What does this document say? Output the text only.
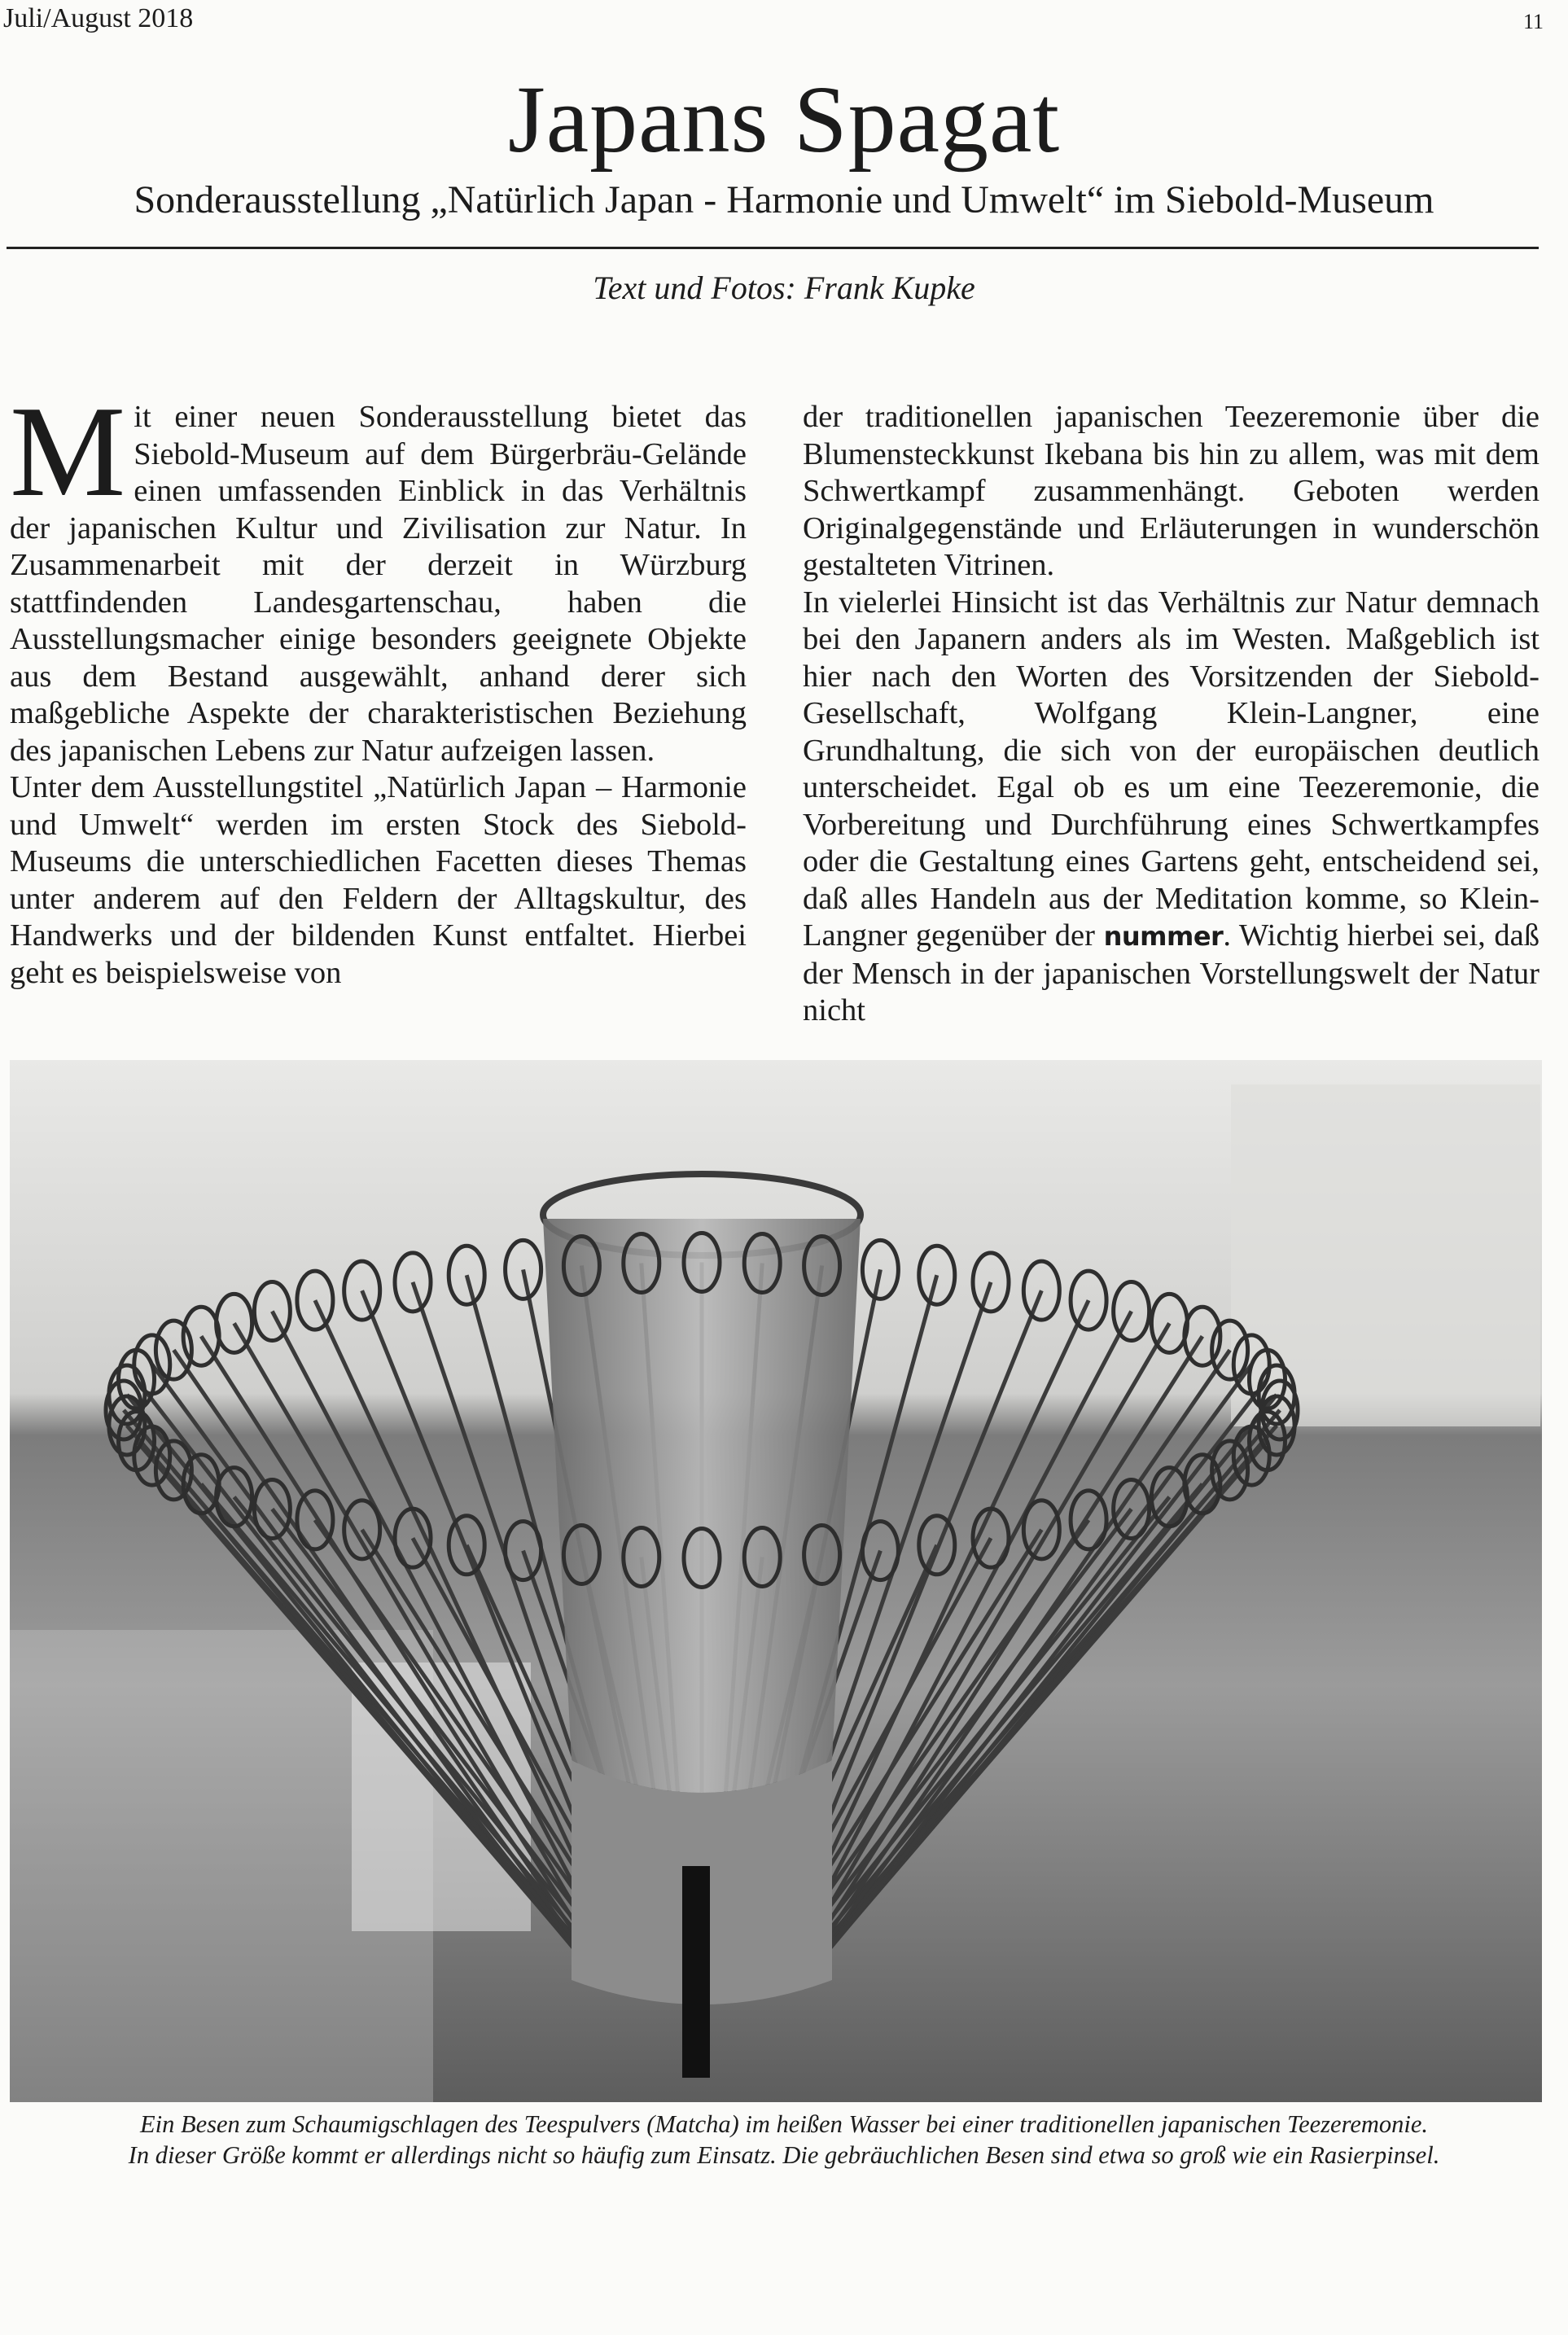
Juli/August 2018	11
Japans Spagat
Sonderausstellung „Natürlich Japan - Harmonie und Umwelt“ im Siebold-Museum
Text und Fotos: Frank Kupke

Mit einer neuen Sonderausstellung bietet das Siebold-Museum auf dem Bürgerbräu-Gelände einen umfassenden Einblick in das Verhältnis der japanischen Kultur und Zivilisation zur Natur. In Zusammenarbeit mit der derzeit in Würzburg stattfindenden Landesgartenschau, haben die Ausstellungsmacher einige besonders geeignete Objekte aus dem Bestand ausgewählt, anhand derer sich maßgebliche Aspekte der charakteristischen Beziehung des japanischen Lebens zur Natur aufzeigen lassen.

Unter dem Ausstellungstitel „Natürlich Japan – Harmonie und Umwelt“ werden im ersten Stock des Siebold-Museums die unterschiedlichen Facetten dieses Themas unter anderem auf den Feldern der Alltagskultur, des Handwerks und der bildenden Kunst entfaltet. Hierbei geht es beispielsweise von

der traditionellen japanischen Teezeremonie über die Blumensteckkunst Ikebana bis hin zu allem, was mit dem Schwertkampf zusammenhängt. Geboten werden Originalgegenstände und Erläuterungen in wunderschön gestalteten Vitrinen.

In vielerlei Hinsicht ist das Verhältnis zur Natur demnach bei den Japanern anders als im Westen. Maßgeblich ist hier nach den Worten des Vorsitzenden der Siebold-Gesellschaft, Wolfgang Klein-Langner, eine Grundhaltung, die sich von der europäischen deutlich unterscheidet. Egal ob es um eine Teezeremonie, die Vorbereitung und Durchführung eines Schwertkampfes oder die Gestaltung eines Gartens geht, entscheidend sei, daß alles Handeln aus der Meditation komme, so Klein-Langner gegenüber der nummer. Wichtig hierbei sei, daß der Mensch in der japanischen Vorstellungswelt der Natur nicht

Ein Besen zum Schaumigschlagen des Teespulvers (Matcha) im heißen Wasser bei einer traditionellen japanischen Teezeremonie.
In dieser Größe kommt er allerdings nicht so häufig zum Einsatz. Die gebräuchlichen Besen sind etwa so groß wie ein Rasierpinsel.
